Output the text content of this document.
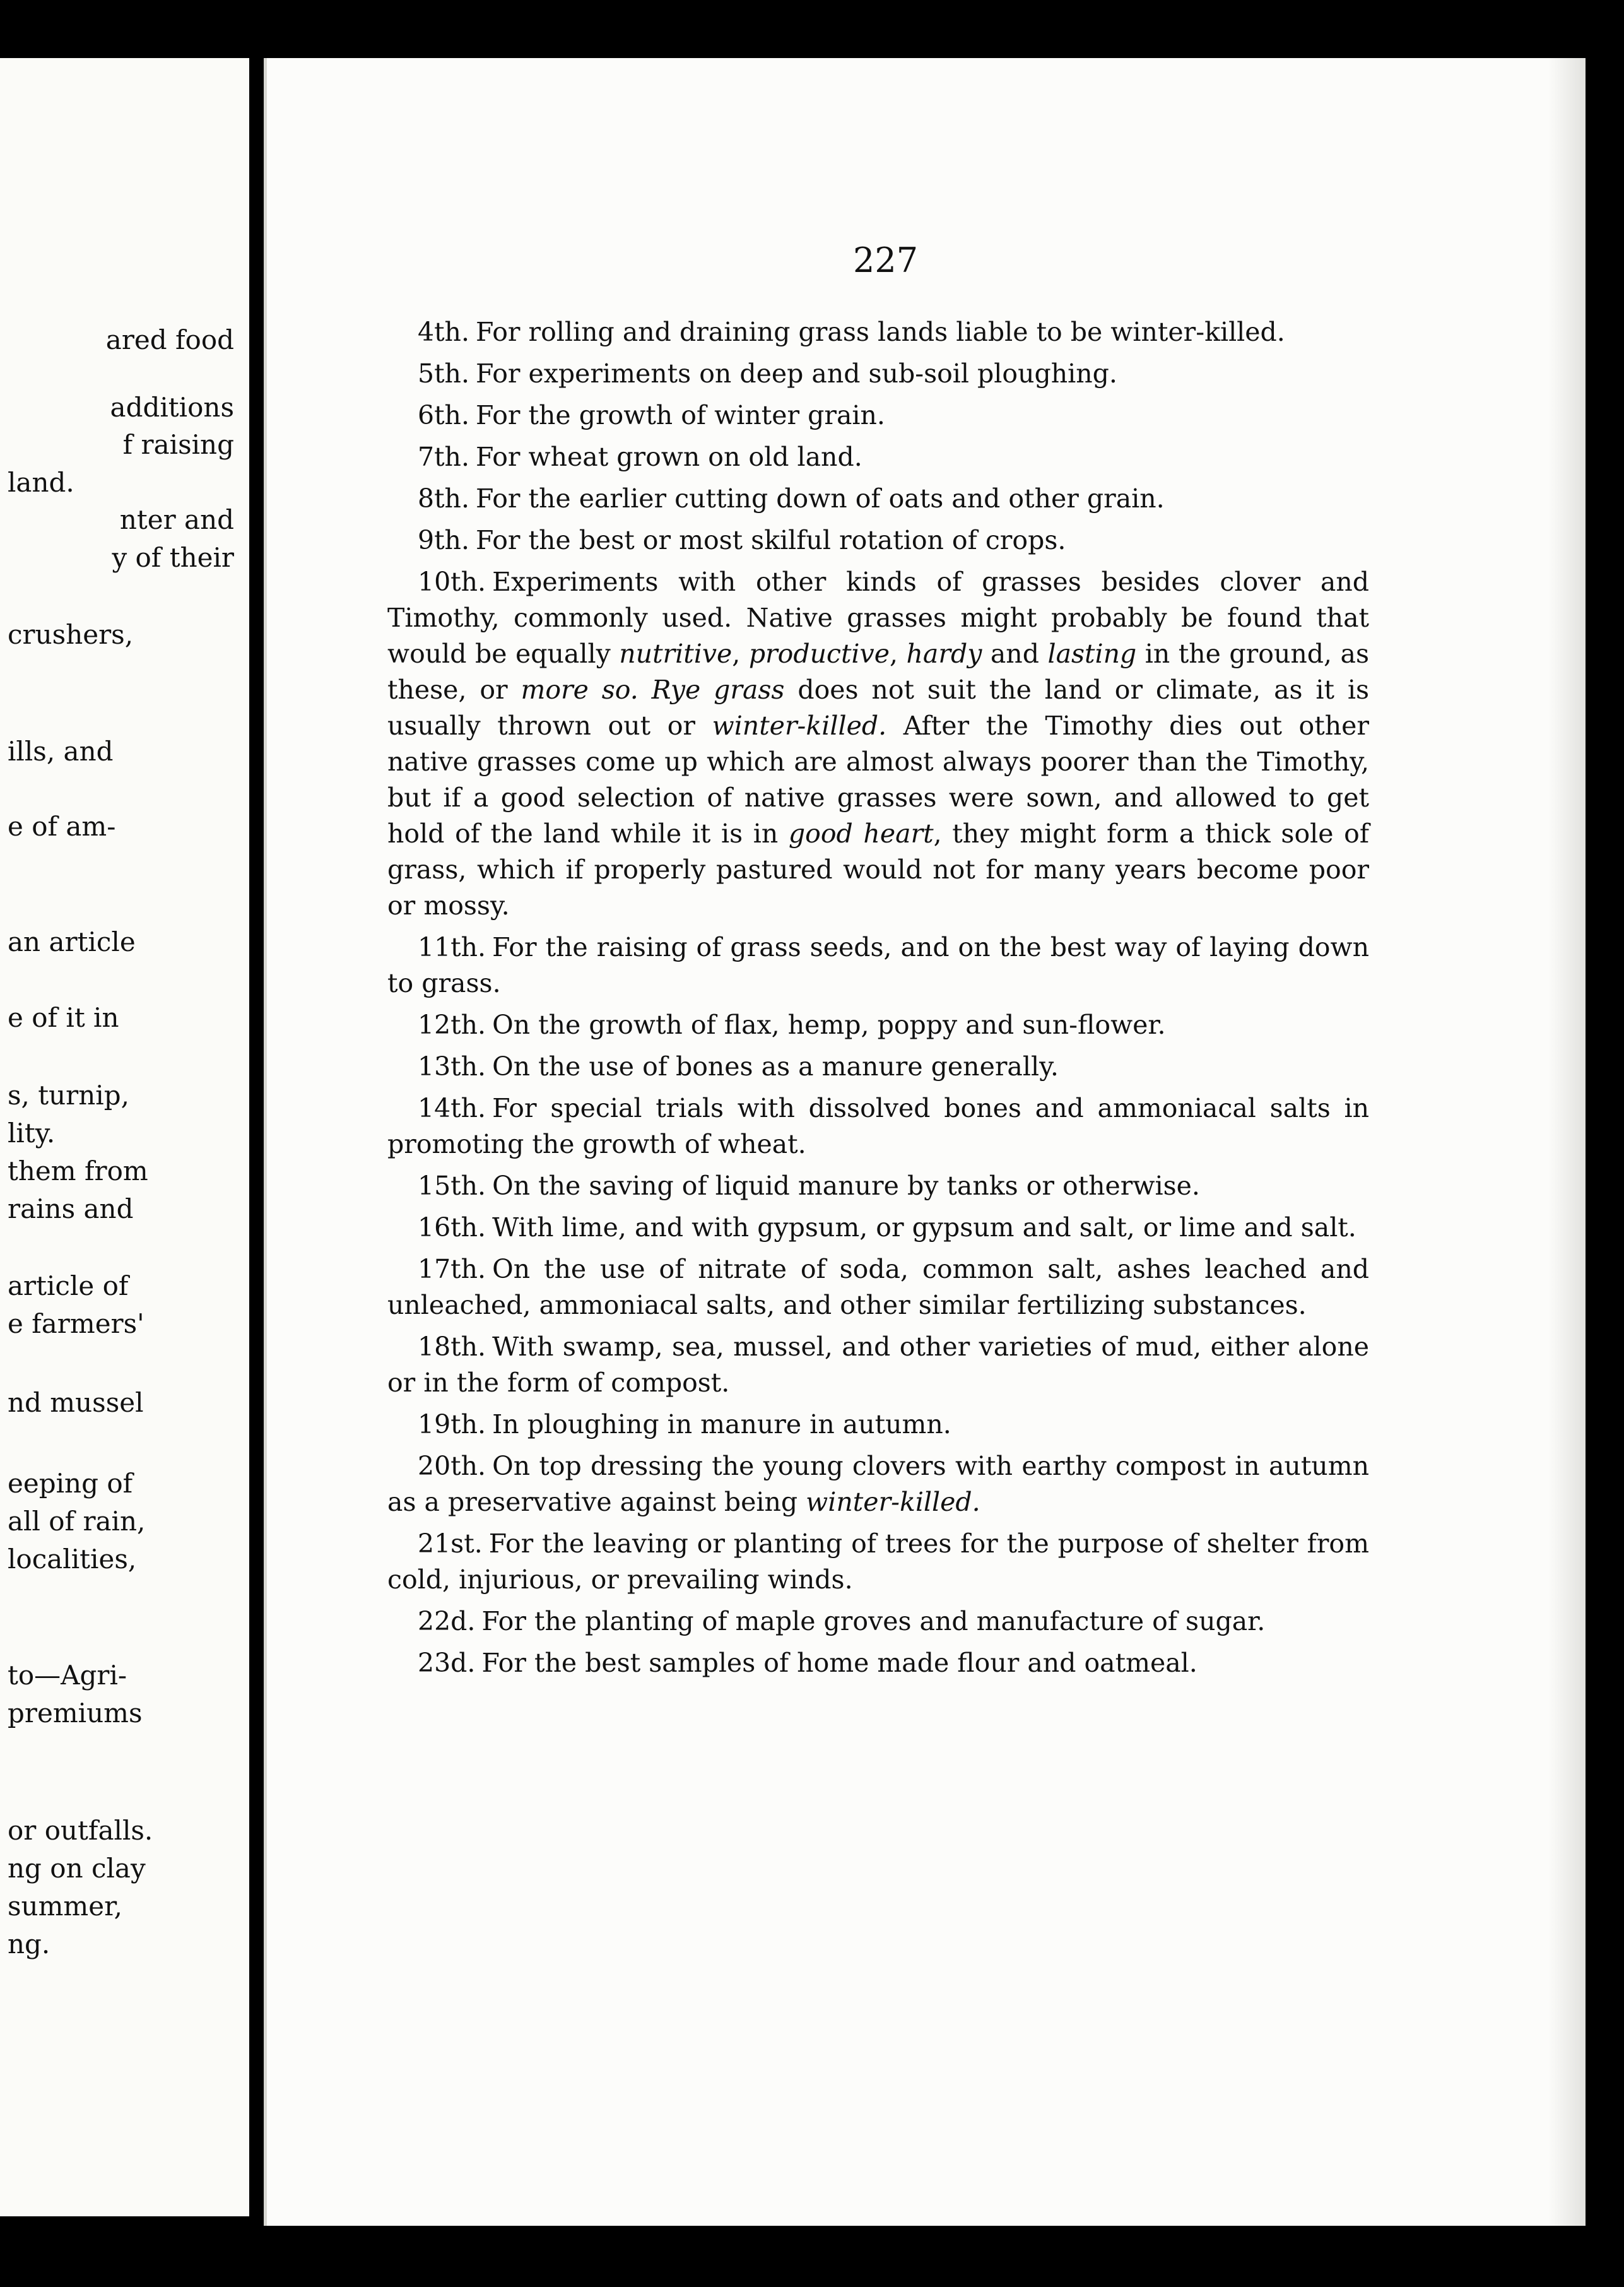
ared food
additions
f raising
land.
nter and
y of their
crushers,
ills, and
e of am-
an article
e of it in
s, turnip,
lity.
them from
rains and
article of
e farmers'
nd mussel
eeping of
all of rain,
localities,
to—Agri-
premiums
or outfalls.
ng on clay
summer,
ng.
227

4th. For rolling and draining grass lands liable to be winter-killed.

5th. For experiments on deep and sub-soil ploughing.

6th. For the growth of winter grain.

7th. For wheat grown on old land.

8th. For the earlier cutting down of oats and other grain.

9th. For the best or most skilful rotation of crops.

10th. Experiments with other kinds of grasses besides clover and Timothy, commonly used. Native grasses might probably be found that would be equally nutritive, productive, hardy and lasting in the ground, as these, or more so. Rye grass does not suit the land or climate, as it is usually thrown out or winter-killed. After the Timothy dies out other native grasses come up which are almost always poorer than the Timothy, but if a good selection of native grasses were sown, and allowed to get hold of the land while it is in good heart, they might form a thick sole of grass, which if properly pastured would not for many years become poor or mossy.

11th. For the raising of grass seeds, and on the best way of laying down to grass.

12th. On the growth of flax, hemp, poppy and sun-flower.

13th. On the use of bones as a manure generally.

14th. For special trials with dissolved bones and ammoniacal salts in promoting the growth of wheat.

15th. On the saving of liquid manure by tanks or otherwise.

16th. With lime, and with gypsum, or gypsum and salt, or lime and salt.

17th. On the use of nitrate of soda, common salt, ashes leached and unleached, ammoniacal salts, and other similar fertilizing substances.

18th. With swamp, sea, mussel, and other varieties of mud, either alone or in the form of compost.

19th. In ploughing in manure in autumn.

20th. On top dressing the young clovers with earthy compost in autumn as a preservative against being winter-killed.

21st. For the leaving or planting of trees for the purpose of shelter from cold, injurious, or prevailing winds.

22d. For the planting of maple groves and manufacture of sugar.

23d. For the best samples of home made flour and oatmeal.
